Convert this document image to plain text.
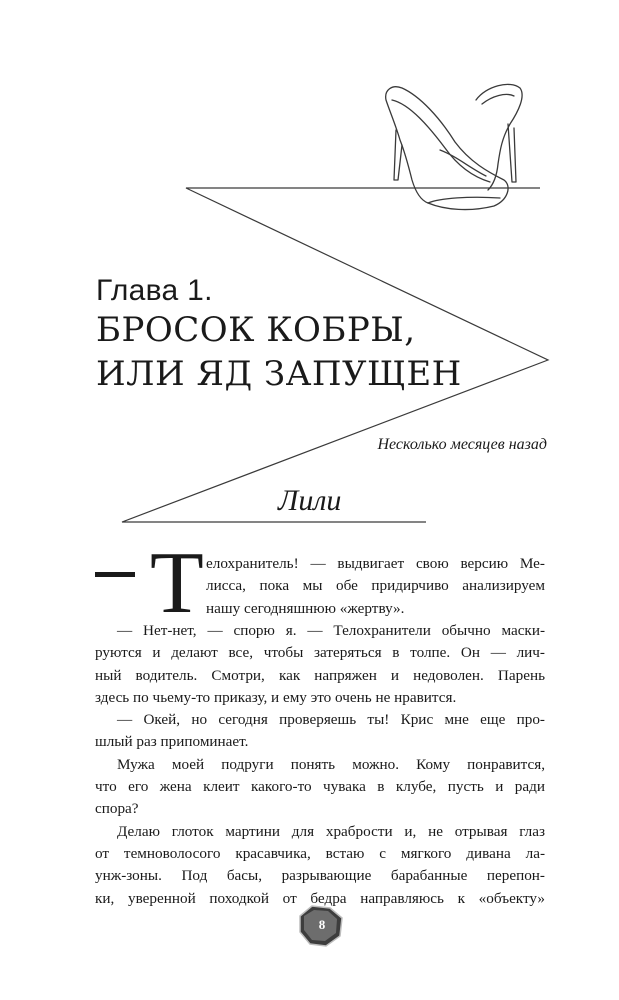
Глава 1.
БРОСОК КОБРЫ,
ИЛИ ЯД ЗАПУЩЕН
Несколько месяцев назад
Лили
Т елохранитель! — выдвигает свою версию Ме-
лисса, пока мы обе придирчиво анализируем
нашу сегодняшнюю «жертву».

— Нет-нет, — спорю я. — Телохранители обычно маски-
руются и делают все, чтобы затеряться в толпе. Он — лич-
ный водитель. Смотри, как напряжен и недоволен. Парень
здесь по чьему-то приказу, и ему это очень не нравится.

— Окей, но сегодня проверяешь ты! Крис мне еще про-
шлый раз припоминает.

Мужа моей подруги понять можно. Кому понравится,
что его жена клеит какого-то чувака в клубе, пусть и ради
спора?

Делаю глоток мартини для храбрости и, не отрывая глаз
от темноволосого красавчика, встаю с мягкого дивана ла-
унж-зоны. Под басы, разрывающие барабанные перепон-
ки, уверенной походкой от бедра направляюсь к «объекту»

8
